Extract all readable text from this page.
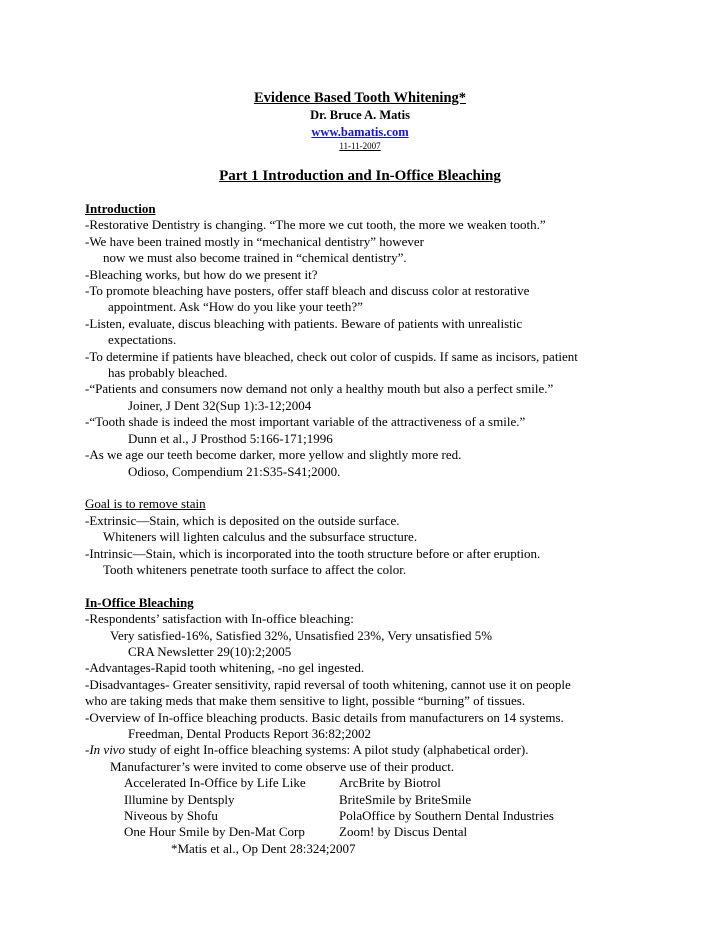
Evidence Based Tooth Whitening*
Dr. Bruce A. Matis
www.bamatis.com
11-11-2007
Part 1 Introduction and In-Office Bleaching
Introduction
-Restorative Dentistry is changing. “The more we cut tooth, the more we weaken tooth.”
-We have been trained mostly in “mechanical dentistry” however
now we must also become trained in “chemical dentistry”.
-Bleaching works, but how do we present it?
-To promote bleaching have posters, offer staff bleach and discuss color at restorative
appointment. Ask “How do you like your teeth?”
-Listen, evaluate, discus bleaching with patients. Beware of patients with unrealistic
expectations.
-To determine if patients have bleached, check out color of cuspids. If same as incisors, patient
has probably bleached.
-“Patients and consumers now demand not only a healthy mouth but also a perfect smile.”
Joiner, J Dent 32(Sup 1):3-12;2004
-“Tooth shade is indeed the most important variable of the attractiveness of a smile.”
Dunn et al., J Prosthod 5:166-171;1996
-As we age our teeth become darker, more yellow and slightly more red.
Odioso, Compendium 21:S35-S41;2000.
Goal is to remove stain
-Extrinsic—Stain, which is deposited on the outside surface.
Whiteners will lighten calculus and the subsurface structure.
-Intrinsic—Stain, which is incorporated into the tooth structure before or after eruption.
Tooth whiteners penetrate tooth surface to affect the color.
In-Office Bleaching
-Respondents’ satisfaction with In-office bleaching:
Very satisfied-16%, Satisfied 32%, Unsatisfied 23%, Very unsatisfied 5%
CRA Newsletter 29(10):2;2005
-Advantages-Rapid tooth whitening, -no gel ingested.
-Disadvantages- Greater sensitivity, rapid reversal of tooth whitening, cannot use it on people
who are taking meds that make them sensitive to light, possible “burning” of tissues.
-Overview of In-office bleaching products. Basic details from manufacturers on 14 systems.
Freedman, Dental Products Report 36:82;2002
-In vivo study of eight In-office bleaching systems: A pilot study (alphabetical order).
Manufacturer’s were invited to come observe use of their product.
Accelerated In-Office by Life Like	ArcBrite by Biotrol
Illumine by Dentsply	BriteSmile by BriteSmile
Niveous by Shofu	PolaOffice by Southern Dental Industries
One Hour Smile by Den-Mat Corp	Zoom! by Discus Dental
*Matis et al., Op Dent 28:324;2007
